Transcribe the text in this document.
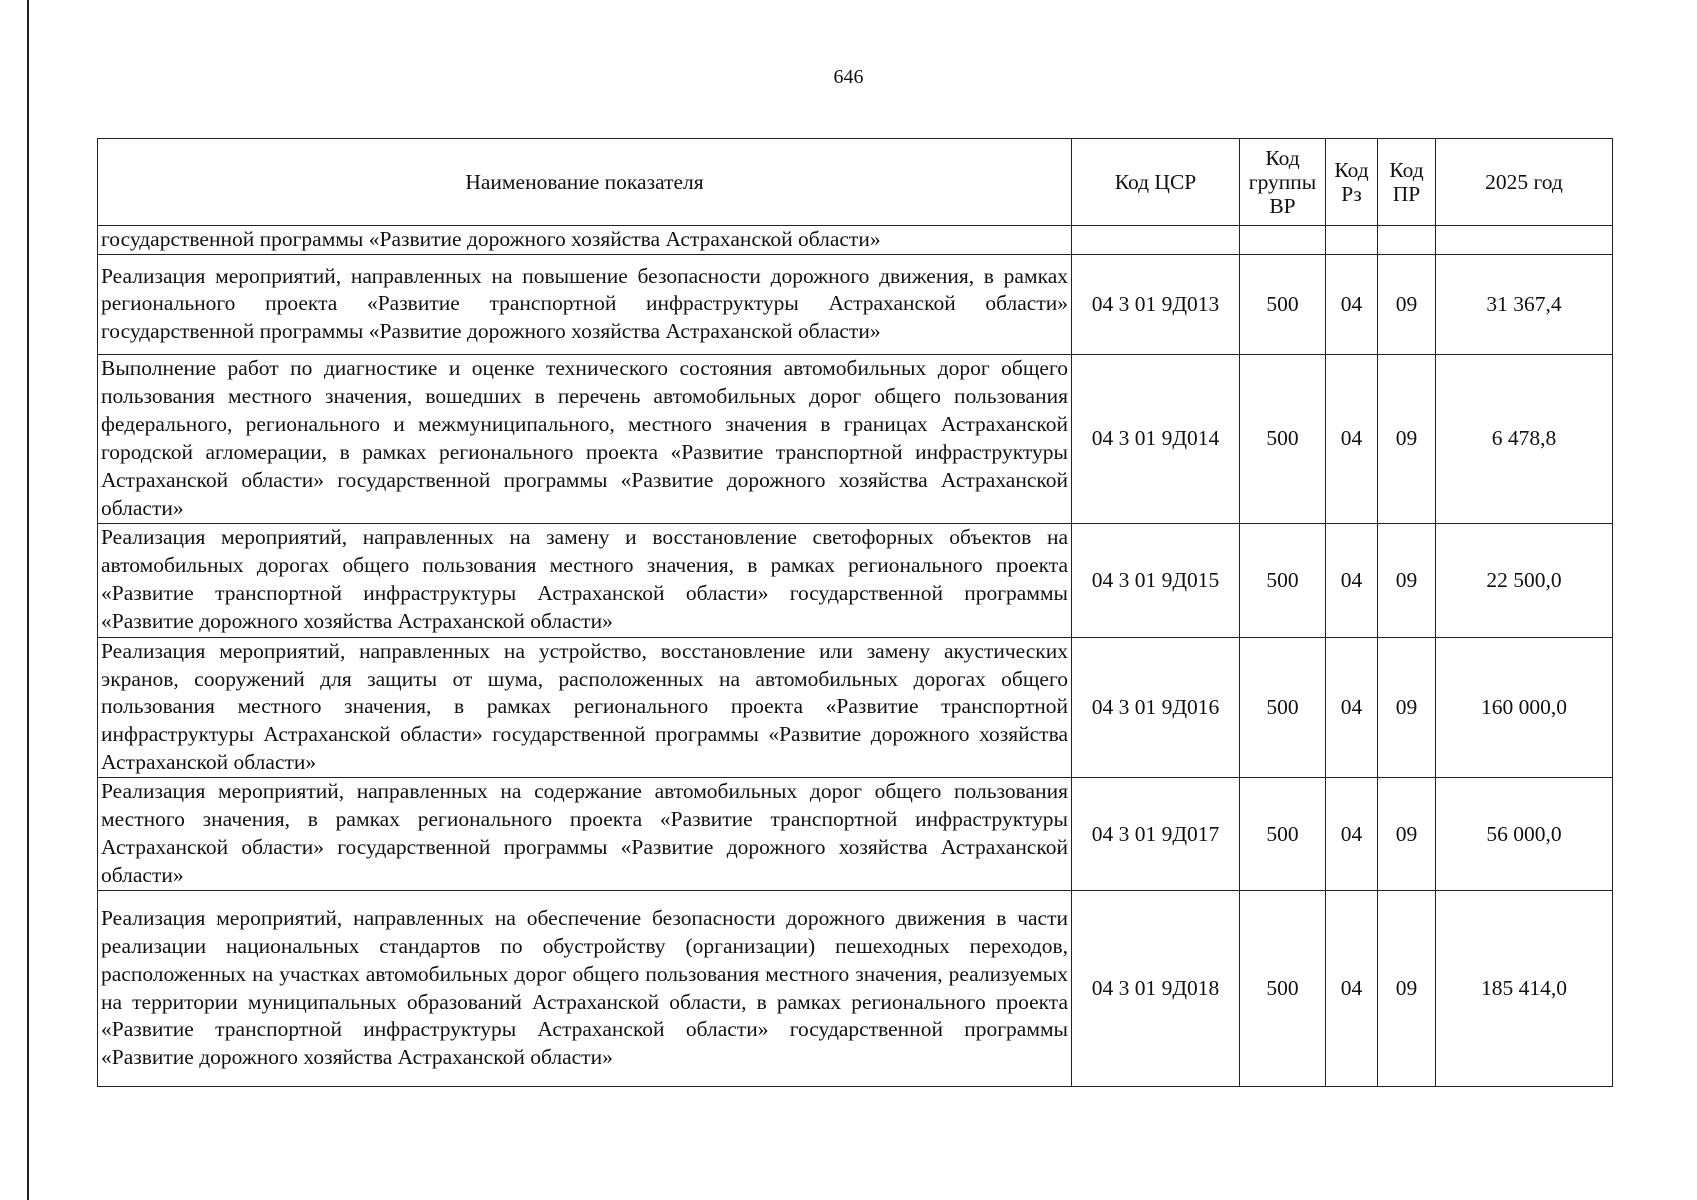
646
Наименование показателя	Код ЦСР	Код группы ВР	Код Рз	Код ПР	2025 год
государственной программы «Развитие дорожного хозяйства Астраханской области»					
Реализация мероприятий, направленных на повышение безопасности дорожного движения, в рамках регионального проекта «Развитие транспортной инфраструктуры Астраханской области» государственной программы «Развитие дорожного хозяйства Астраханской области»	04 3 01 9Д013	500	04	09	31 367,4
Выполнение работ по диагностике и оценке технического состояния автомобильных дорог общего пользования местного значения, вошедших в перечень автомобильных дорог общего пользования федерального, регионального и межмуниципального, местного значения в границах Астраханской городской агломерации, в рамках регионального проекта «Развитие транспортной инфраструктуры Астраханской области» государственной программы «Развитие дорожного хозяйства Астраханской области»	04 3 01 9Д014	500	04	09	6 478,8
Реализация мероприятий, направленных на замену и восстановление светофорных объектов на автомобильных дорогах общего пользования местного значения, в рамках регионального проекта «Развитие транспортной инфраструктуры Астраханской области» государственной программы «Развитие дорожного хозяйства Астраханской области»	04 3 01 9Д015	500	04	09	22 500,0
Реализация мероприятий, направленных на устройство, восстановление или замену акустических экранов, сооружений для защиты от шума, расположенных на автомобильных дорогах общего пользования местного значения, в рамках регионального проекта «Развитие транспортной инфраструктуры Астраханской области» государственной программы «Развитие дорожного хозяйства Астраханской области»	04 3 01 9Д016	500	04	09	160 000,0
Реализация мероприятий, направленных на содержание автомобильных дорог общего пользования местного значения, в рамках регионального проекта «Развитие транспортной инфраструктуры Астраханской области» государственной программы «Развитие дорожного хозяйства Астраханской области»	04 3 01 9Д017	500	04	09	56 000,0
Реализация мероприятий, направленных на обеспечение безопасности дорожного движения в части реализации национальных стандартов по обустройству (организации) пешеходных переходов, расположенных на участках автомобильных дорог общего пользования местного значения, реализуемых на территории муниципальных образований Астраханской области, в рамках регионального проекта «Развитие транспортной инфраструктуры Астраханской области» государственной программы «Развитие дорожного хозяйства Астраханской области»	04 3 01 9Д018	500	04	09	185 414,0
